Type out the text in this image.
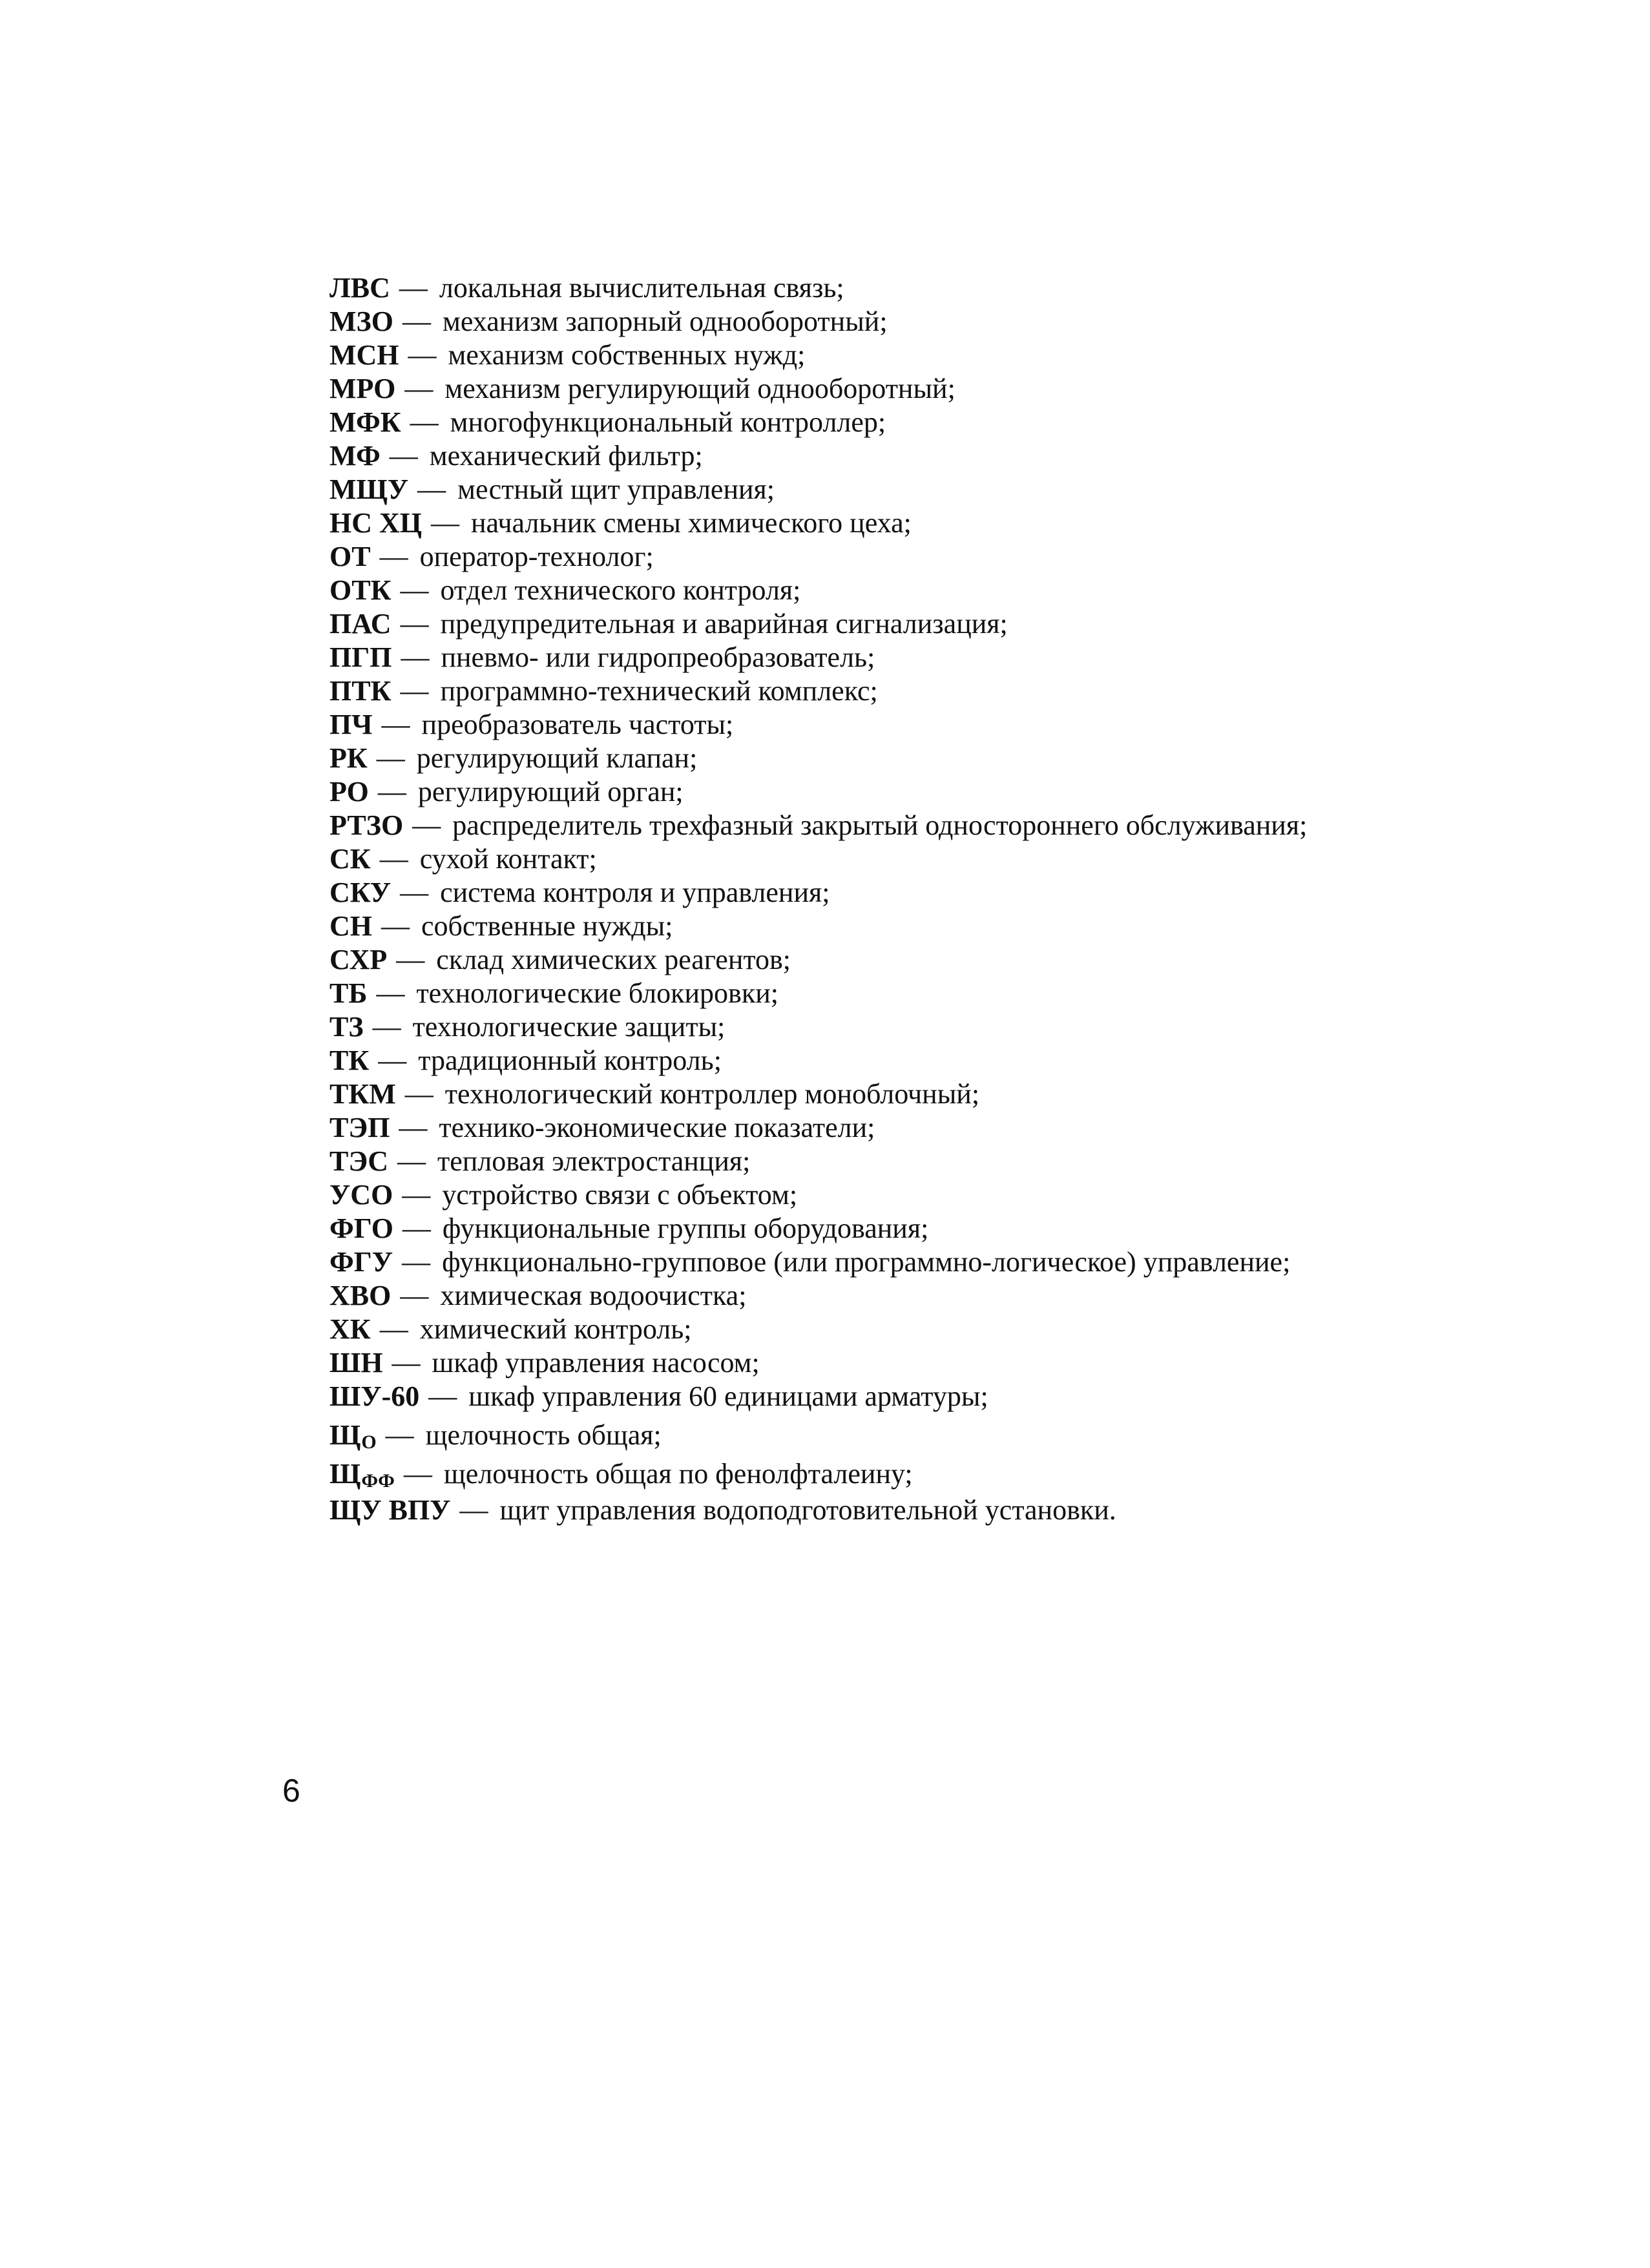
ЛВС — локальная вычислительная связь;
МЗО — механизм запорный однооборотный;
МСН — механизм собственных нужд;
МРО — механизм регулирующий однооборотный;
МФК — многофункциональный контроллер;
МФ — механический фильтр;
МЩУ — местный щит управления;
НС ХЦ — начальник смены химического цеха;
ОТ — оператор-технолог;
ОТК — отдел технического контроля;
ПАС — предупредительная и аварийная сигнализация;
ПГП — пневмо- или гидропреобразователь;
ПТК — программно-технический комплекс;
ПЧ — преобразователь частоты;
РК — регулирующий клапан;
РО — регулирующий орган;
РТЗО — распределитель трехфазный закрытый одностороннего обслуживания;
СК — сухой контакт;
СКУ — система контроля и управления;
СН — собственные нужды;
СХР — склад химических реагентов;
ТБ — технологические блокировки;
ТЗ — технологические защиты;
ТК — традиционный контроль;
ТКМ — технологический контроллер моноблочный;
ТЭП — технико-экономические показатели;
ТЭС — тепловая электростанция;
УСО — устройство связи с объектом;
ФГО — функциональные группы оборудования;
ФГУ — функционально-групповое (или программно-логическое) управление;
ХВО — химическая водоочистка;
ХК — химический контроль;
ШН — шкаф управления насосом;
ШУ-60 — шкаф управления 60 единицами арматуры;
$Щ_О$ — щелочность общая;
$Щ_{ФФ}$ — щелочность общая по фенолфталеину;
ЩУ ВПУ — щит управления водоподготовительной установки.
6
